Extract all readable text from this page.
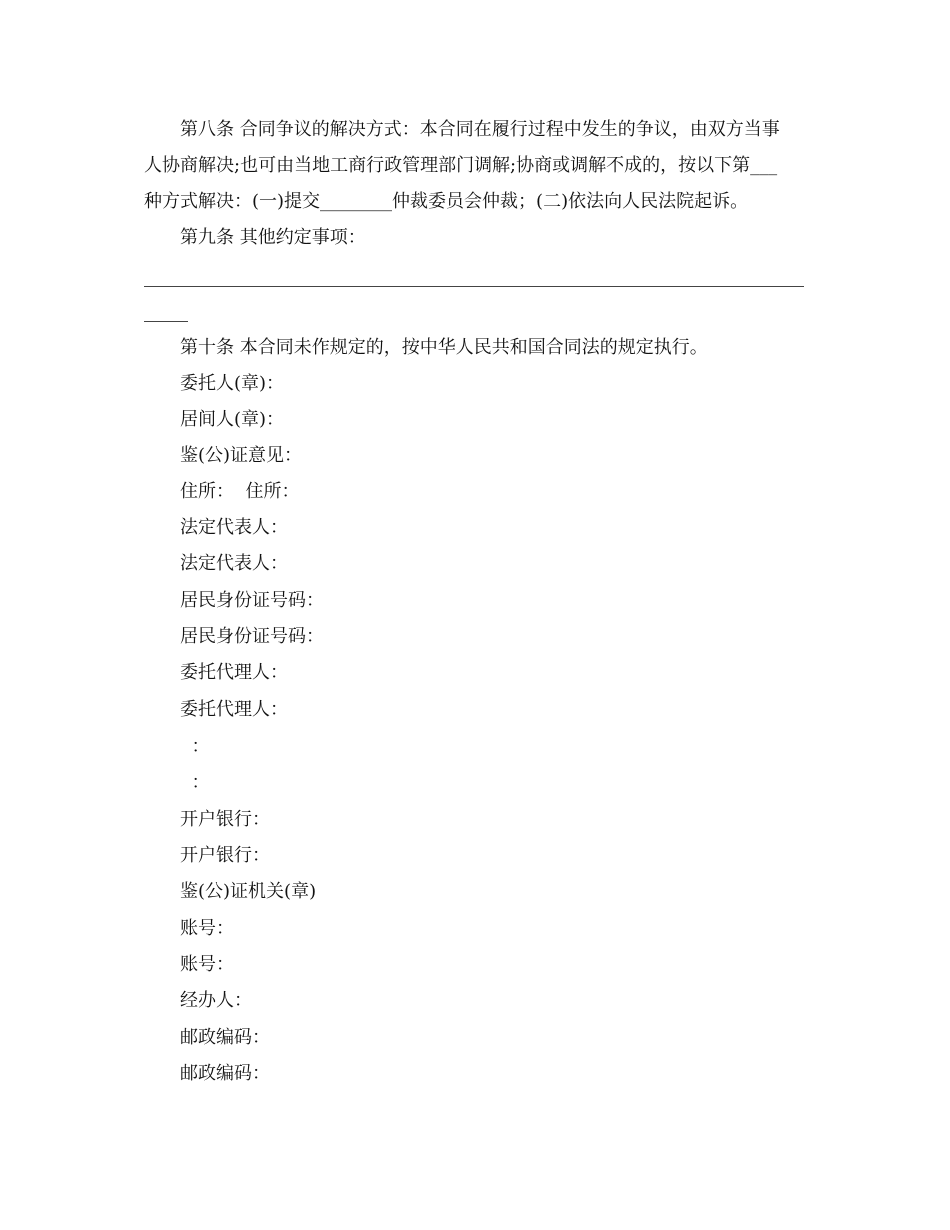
第八条 合同争议的解决方式：本合同在履行过程中发生的争议，由双方当事
人协商解决;也可由当地工商行政管理部门调解;协商或调解不成的，按以下第___
种方式解决：(一)提交________仲裁委员会仲裁；(二)依法向人民法院起诉。
第九条 其他约定事项：
第十条 本合同未作规定的，按中华人民共和国合同法的规定执行。
委托人(章)：
居间人(章)：
鉴(公)证意见：
住所：  住所：
法定代表人：
法定代表人：
居民身份证号码：
居民身份证号码：
委托代理人：
委托代理人：
：
：
开户银行：
开户银行：
鉴(公)证机关(章)
账号：
账号：
经办人：
邮政编码：
邮政编码：
